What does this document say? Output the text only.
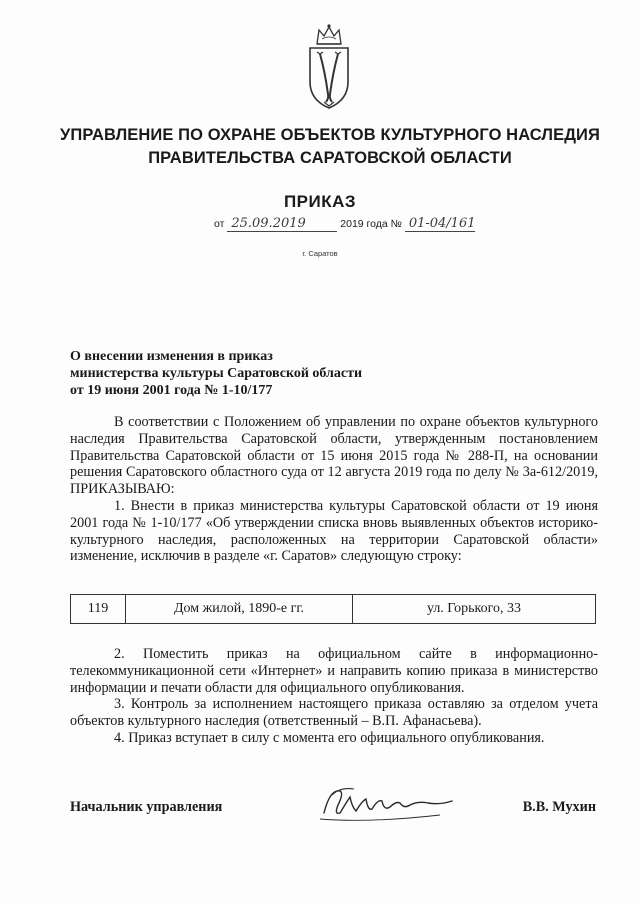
УПРАВЛЕНИЕ ПО ОХРАНЕ ОБЪЕКТОВ КУЛЬТУРНОГО НАСЛЕДИЯ
ПРАВИТЕЛЬСТВА САРАТОВСКОЙ ОБЛАСТИ
ПРИКАЗ
от 25.09.2019	2019 года № 01-04/161
г. Саратов
О внесении изменения в приказ
министерства культуры Саратовской области
от 19 июня 2001 года № 1-10/177

В соответствии с Положением об управлении по охране объектов культурного наследия Правительства Саратовской области, утвержденным постановлением Правительства Саратовской области от 15 июня 2015 года № 288-П, на основании решения Саратовского областного суда от 12 августа 2019 года по делу № 3а-612/2019, ПРИКАЗЫВАЮ:

1. Внести в приказ министерства культуры Саратовской области от 19 июня 2001 года № 1-10/177 «Об утверждении списка вновь выявленных объектов историко-культурного наследия, расположенных на территории Саратовской области» изменение, исключив в разделе «г. Саратов» следующую строку:

119	Дом жилой, 1890-е гг.	ул. Горького, 33

2. Поместить приказ на официальном сайте в информационно-телекоммуникационной сети «Интернет» и направить копию приказа в министерство информации и печати области для официального опубликования.

3. Контроль за исполнением настоящего приказа оставляю за отделом учета объектов культурного наследия (ответственный – В.П. Афанасьева).

4. Приказ вступает в силу с момента его официального опубликования.

Начальник управления	В.В. Мухин
